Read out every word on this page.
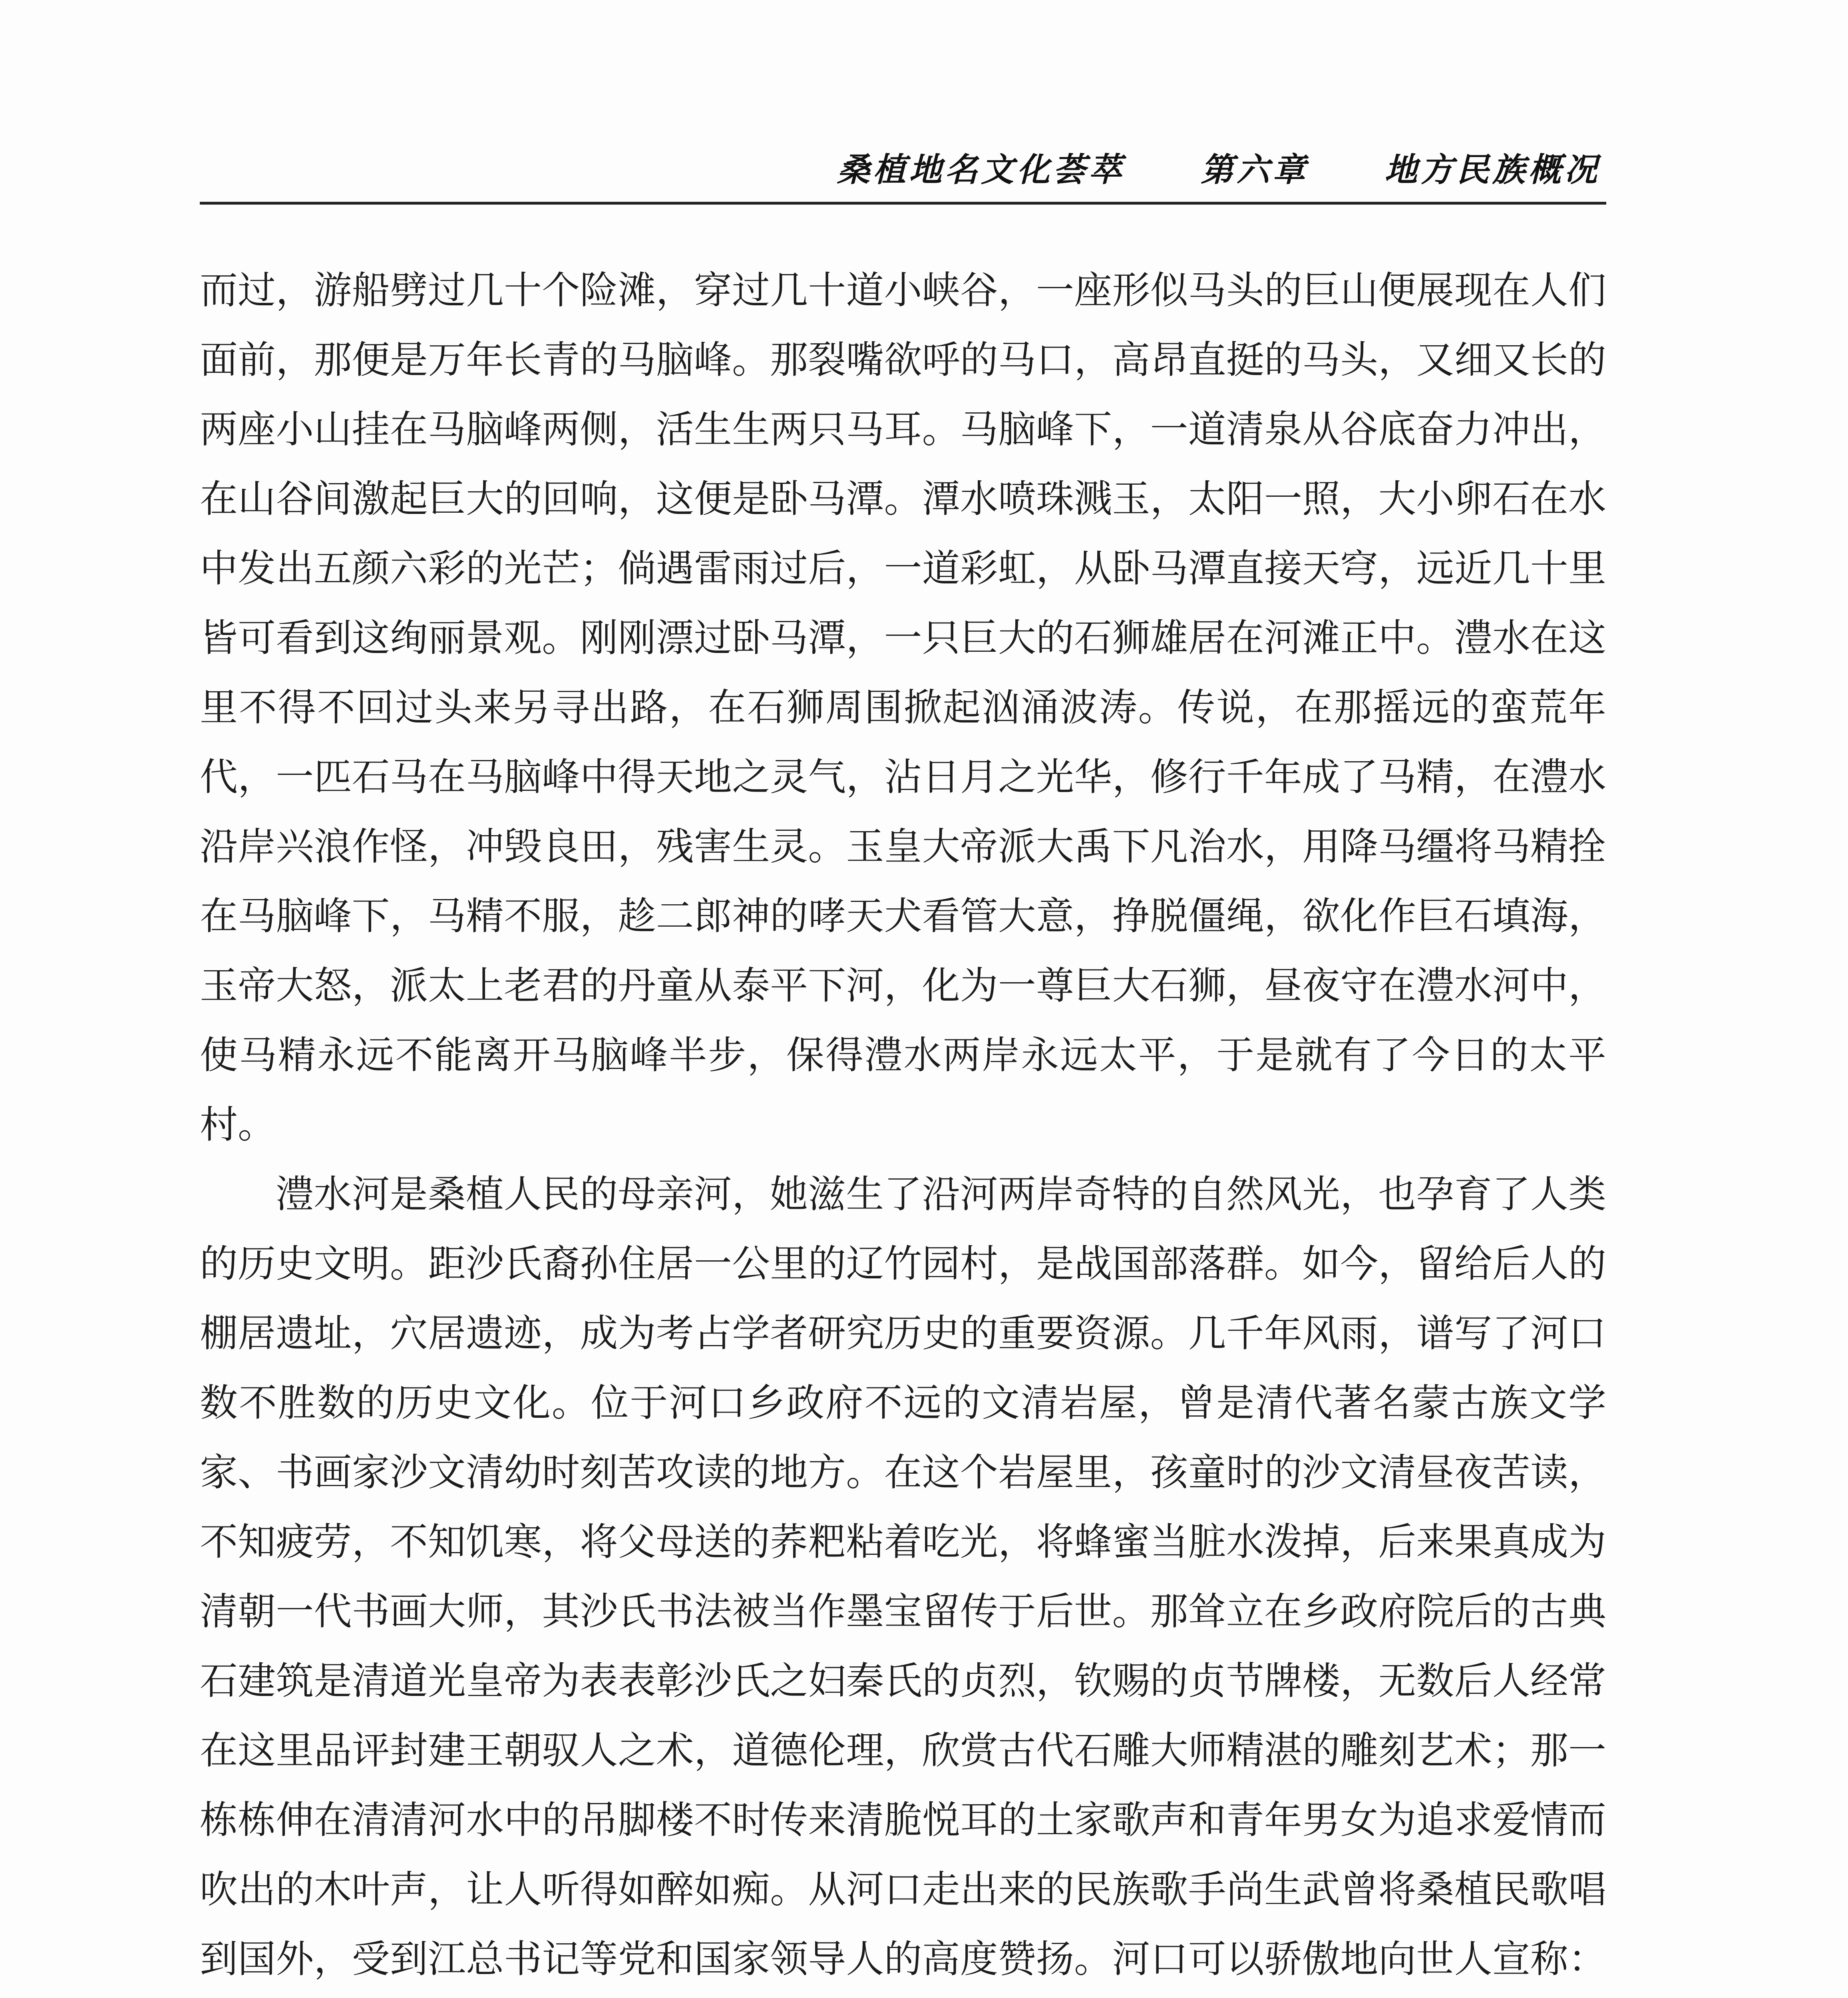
桑植地名文化荟萃 第六章 地方民族概况

而过，游船劈过几十个险滩，穿过几十道小峡谷，一座形似马头的巨山便展现在人们面前，那便是万年长青的马脑峰。那裂嘴欲呼的马口，高昂直挺的马头，又细又长的两座小山挂在马脑峰两侧，活生生两只马耳。马脑峰下，一道清泉从谷底奋力冲出，在山谷间激起巨大的回响，这便是卧马潭。潭水喷珠溅玉，太阳一照，大小卵石在水中发出五颜六彩的光芒；倘遇雷雨过后，一道彩虹，从卧马潭直接天穹，远近几十里皆可看到这绚丽景观。刚刚漂过卧马潭，一只巨大的石狮雄居在河滩正中。澧水在这里不得不回过头来另寻出路，在石狮周围掀起汹涌波涛。传说，在那摇远的蛮荒年代，一匹石马在马脑峰中得天地之灵气，沾日月之光华，修行千年成了马精，在澧水沿岸兴浪作怪，冲毁良田，残害生灵。玉皇大帝派大禹下凡治水，用降马缰将马精拴在马脑峰下，马精不服，趁二郎神的哮天犬看管大意，挣脱僵绳，欲化作巨石填海，玉帝大怒，派太上老君的丹童从泰平下河，化为一尊巨大石狮，昼夜守在澧水河中，使马精永远不能离开马脑峰半步，保得澧水两岸永远太平，于是就有了今日的太平村。

澧水河是桑植人民的母亲河，她滋生了沿河两岸奇特的自然风光，也孕育了人类的历史文明。距沙氏裔孙住居一公里的辽竹园村，是战国部落群。如今，留给后人的棚居遗址，穴居遗迹，成为考占学者研究历史的重要资源。几千年风雨，谱写了河口数不胜数的历史文化。位于河口乡政府不远的文清岩屋，曾是清代著名蒙古族文学家、书画家沙文清幼时刻苦攻读的地方。在这个岩屋里，孩童时的沙文清昼夜苦读，不知疲劳，不知饥寒，将父母送的荞粑粘着吃光，将蜂蜜当脏水泼掉，后来果真成为清朝一代书画大师，其沙氏书法被当作墨宝留传于后世。那耸立在乡政府院后的古典石建筑是清道光皇帝为表表彰沙氏之妇秦氏的贞烈，钦赐的贞节牌楼，无数后人经常在这里品评封建王朝驭人之术，道德伦理，欣赏古代石雕大师精湛的雕刻艺术；那一栋栋伸在清清河水中的吊脚楼不时传来清脆悦耳的土家歌声和青年男女为追求爱情而吹出的木叶声，让人听得如醉如痴。从河口走出来的民族歌手尚生武曾将桑植民歌唱到国外，受到江总书记等党和国家领导人的高度赞扬。河口可以骄傲地向世人宣称：
